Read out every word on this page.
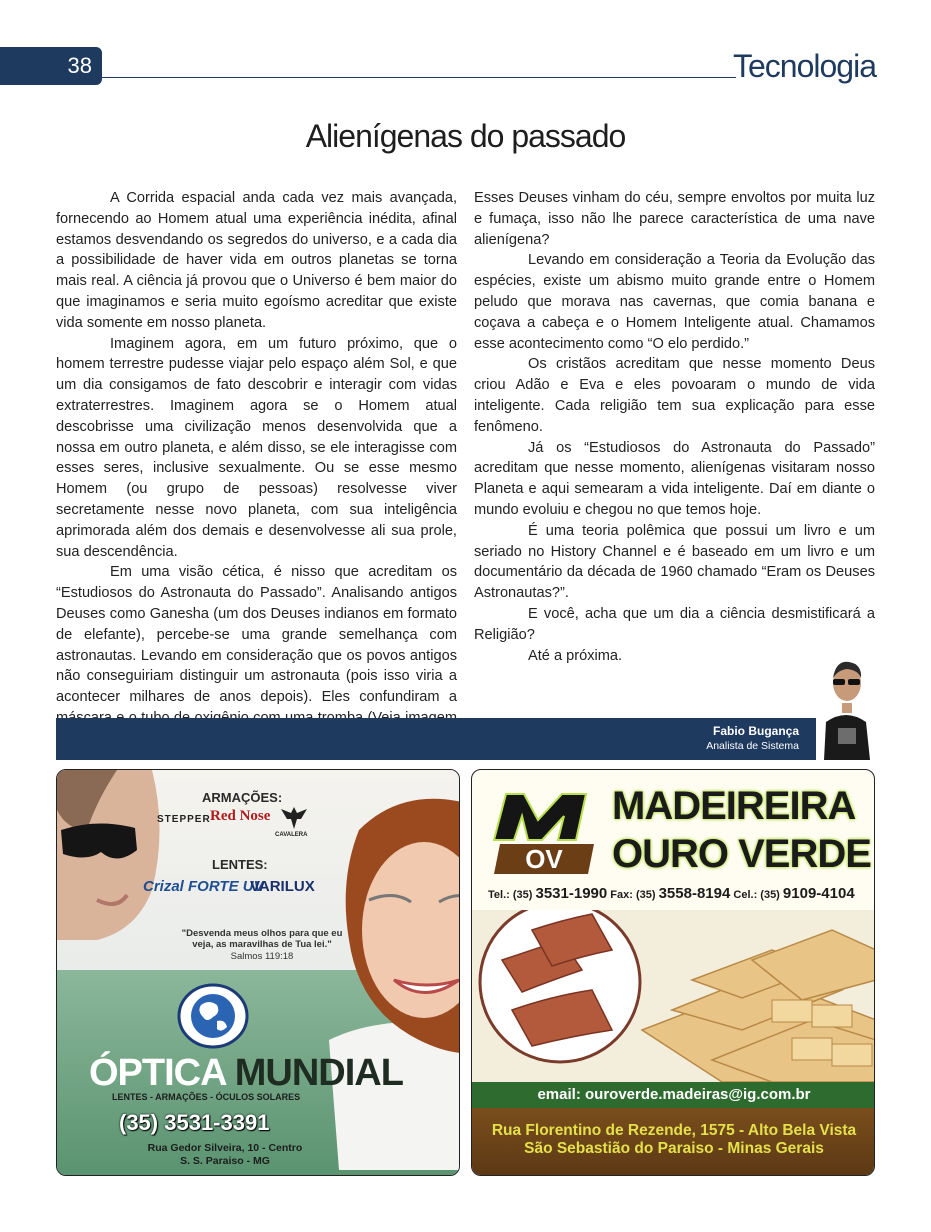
38	Tecnologia
Alienígenas do passado

A Corrida espacial anda cada vez mais avançada, fornecendo ao Homem atual uma experiência inédita, afinal estamos desvendando os segredos do universo, e a cada dia a possibilidade de haver vida em outros planetas se torna mais real. A ciência já provou que o Universo é bem maior do que imaginamos e seria muito egoísmo acreditar que existe vida somente em nosso planeta.

Imaginem agora, em um futuro próximo, que o homem terrestre pudesse viajar pelo espaço além Sol, e que um dia consigamos de fato descobrir e interagir com vidas extraterrestres. Imaginem agora se o Homem atual descobrisse uma civilização menos desenvolvida que a nossa em outro planeta, e além disso, se ele interagisse com esses seres, inclusive sexualmente. Ou se esse mesmo Homem (ou grupo de pessoas) resolvesse viver secretamente nesse novo planeta, com sua inteligência aprimorada além dos demais e desenvolvesse ali sua prole, sua descendência.

Em uma visão cética, é nisso que acreditam os “Estudiosos do Astronauta do Passado”. Analisando antigos Deuses como Ganesha (um dos Deuses indianos em formato de elefante), percebe-se uma grande semelhança com astronautas. Levando em consideração que os povos antigos não conseguiriam distinguir um astronauta (pois isso viria a acontecer milhares de anos depois). Eles confundiram a

Esses Deuses vinham do céu, sempre envoltos por muita luz e fumaça, isso não lhe parece característica de uma nave alienígena?

Levando em consideração a Teoria da Evolução das espécies, existe um abismo muito grande entre o Homem peludo que morava nas cavernas, que comia banana e coçava a cabeça e o Homem Inteligente atual. Chamamos esse acontecimento como “O elo perdido.”

Os cristãos acreditam que nesse momento Deus criou Adão e Eva e eles povoaram o mundo de vida inteligente. Cada religião tem sua explicação para esse fenômeno.

Já os “Estudiosos do Astronauta do Passado” acreditam que nesse momento, alienígenas visitaram nosso Planeta e aqui semearam a vida inteligente. Daí em diante o mundo evoluiu e chegou no que temos hoje.

É uma teoria polêmica que possui um livro e um seriado no History Channel e é baseado em um livro e um documentário da década de 1960 chamado “Eram os Deuses Astronautas?”.

E você, acha que um dia a ciência desmistificará a Religião?

Até a próxima.

Fabio Bugança
Analista de Sistema
ARMAÇÕES:
STEPPER Red Nose
CAVALERA
LENTES:
Crizal FORTE UV
VARILUX
"Desvenda meus olhos para que eu veja, as maravilhas de Tua lei."
Salmos 119:18
ÓPTICA MUNDIAL
LENTES - ARMAÇÕES - ÓCULOS SOLARES
(35) 3531-3391
Rua Gedor Silveira, 10 - Centro
S. S. Paraiso - MG
OV
MADEIREIRA
OURO VERDE
Tel.: (35) 3531-1990 Fax: (35) 3558-8194 Cel.: (35) 9109-4104
email: ouroverde.madeiras@ig.com.br
Rua Florentino de Rezende, 1575 - Alto Bela Vista
São Sebastião do Paraiso - Minas Gerais
